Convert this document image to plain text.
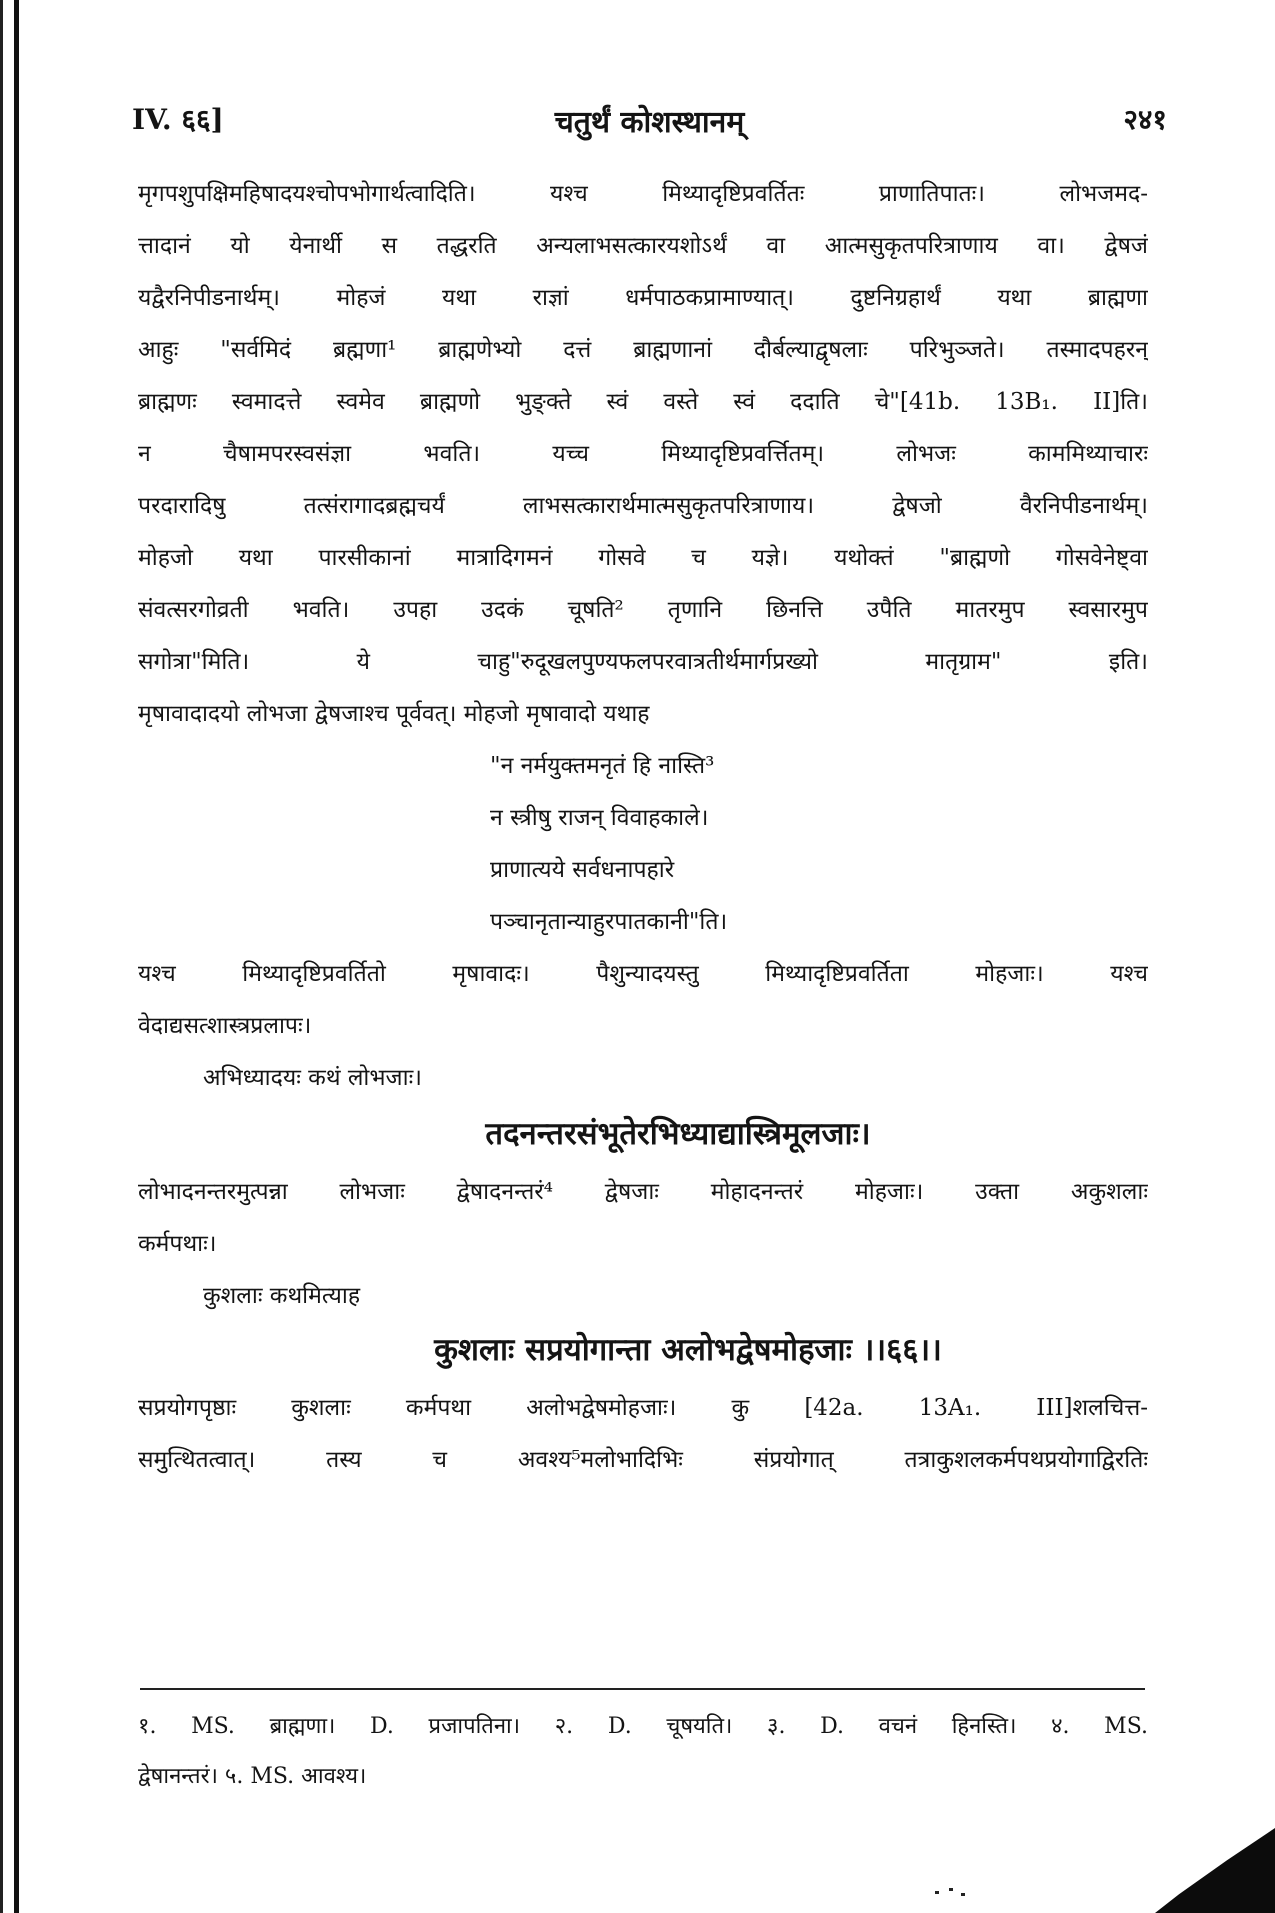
IV. ६६]	चतुर्थं कोशस्थानम्	२४१
मृगपशुपक्षिमहिषादयश्चोपभोगार्थत्वादिति। यश्च मिथ्यादृष्टिप्रवर्तितः प्राणातिपातः। लोभजमद-
त्तादानं यो येनार्थी स तद्धरति अन्यलाभसत्कारयशोऽर्थं वा आत्मसुकृतपरित्राणाय वा। द्वेषजं
यद्वैरनिपीडनार्थम्। मोहजं यथा राज्ञां धर्मपाठकप्रामाण्यात्। दुष्टनिग्रहार्थं यथा ब्राह्मणा
आहुः "सर्वमिदं ब्रह्मणा¹ ब्राह्मणेभ्यो दत्तं ब्राह्मणानां दौर्बल्याद्वृषलाः परिभुञ्जते। तस्मादपहरन्
ब्राह्मणः स्वमादत्ते स्वमेव ब्राह्मणो भुङ्क्ते स्वं वस्ते स्वं ददाति चे"[41b. 13B₁. II]ति।
न चैषामपरस्वसंज्ञा भवति। यच्च मिथ्यादृष्टिप्रवर्त्तितम्। लोभजः काममिथ्याचारः
परदारादिषु तत्संरागादब्रह्मचर्यं लाभसत्कारार्थमात्मसुकृतपरित्राणाय। द्वेषजो वैरनिपीडनार्थम्।
मोहजो यथा पारसीकानां मात्रादिगमनं गोसवे च यज्ञे। यथोक्तं "ब्राह्मणो गोसवेनेष्ट्वा
संवत्सरगोव्रती भवति। उपहा उदकं चूषति² तृणानि छिनत्ति उपैति मातरमुप स्वसारमुप
सगोत्रा"मिति। ये चाहु"रुदूखलपुण्यफलपरवात्रतीर्थमार्गप्रख्यो मातृग्राम" इति।
मृषावादादयो लोभजा द्वेषजाश्च पूर्ववत्। मोहजो मृषावादो यथाह
"न नर्मयुक्तमनृतं हि नास्ति³
न स्त्रीषु राजन् विवाहकाले।
प्राणात्यये सर्वधनापहारे
पञ्चानृतान्याहुरपातकानी"ति।
यश्च मिथ्यादृष्टिप्रवर्तितो मृषावादः। पैशुन्यादयस्तु मिथ्यादृष्टिप्रवर्तिता मोहजाः। यश्च
वेदाद्यसत्शास्त्रप्रलापः।
अभिध्यादयः कथं लोभजाः।
तदनन्तरसंभूतेरभिध्याद्यास्त्रिमूलजाः।
लोभादनन्तरमुत्पन्ना लोभजाः द्वेषादनन्तरं⁴ द्वेषजाः मोहादनन्तरं मोहजाः। उक्ता अकुशलाः
कर्मपथाः।
कुशलाः कथमित्याह
कुशलाः सप्रयोगान्ता अलोभद्वेषमोहजाः ।।६६।।
सप्रयोगपृष्ठाः कुशलाः कर्मपथा अलोभद्वेषमोहजाः। कु [42a. 13A₁. III]शलचित्त-
समुत्थितत्वात्। तस्य च अवश्य⁵मलोभादिभिः संप्रयोगात् तत्राकुशलकर्मपथप्रयोगाद्विरतिः
१. MS. ब्राह्मणा। D. प्रजापतिना। २. D. चूषयति। ३. D. वचनं हिनस्ति। ४. MS.
द्वेषानन्तरं। ५. MS. आवश्य।
